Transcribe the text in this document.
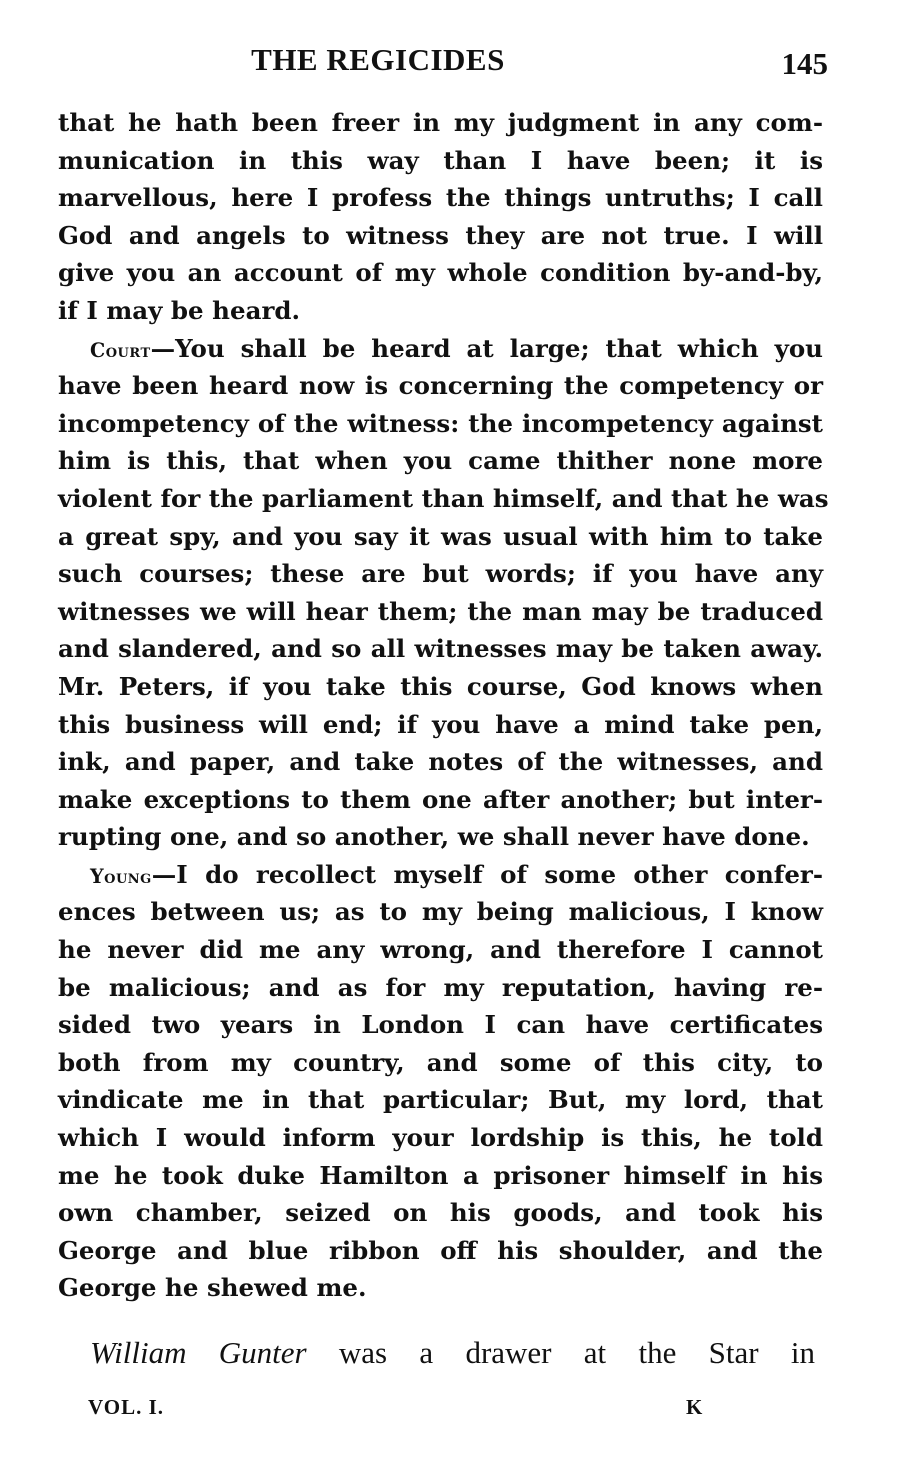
THE REGICIDES	145
that he hath been freer in my judgment in any com-
munication in this way than I have been; it is
marvellous, here I profess the things untruths; I call
God and angels to witness they are not true. I will
give you an account of my whole condition by-and-by,
if I may be heard.
Court—You shall be heard at large; that which you
have been heard now is concerning the competency or
incompetency of the witness: the incompetency against
him is this, that when you came thither none more
violent for the parliament than himself, and that he was
a great spy, and you say it was usual with him to take
such courses; these are but words; if you have any
witnesses we will hear them; the man may be traduced
and slandered, and so all witnesses may be taken away.
Mr. Peters, if you take this course, God knows when
this business will end; if you have a mind take pen,
ink, and paper, and take notes of the witnesses, and
make exceptions to them one after another; but inter-
rupting one, and so another, we shall never have done.
Young—I do recollect myself of some other confer-
ences between us; as to my being malicious, I know
he never did me any wrong, and therefore I cannot
be malicious; and as for my reputation, having re-
sided two years in London I can have certificates
both from my country, and some of this city, to
vindicate me in that particular; But, my lord, that
which I would inform your lordship is this, he told
me he took duke Hamilton a prisoner himself in his
own chamber, seized on his goods, and took his
George and blue ribbon off his shoulder, and the
George he shewed me.
William Gunter was a drawer at the Star in
VOL. I.	K
